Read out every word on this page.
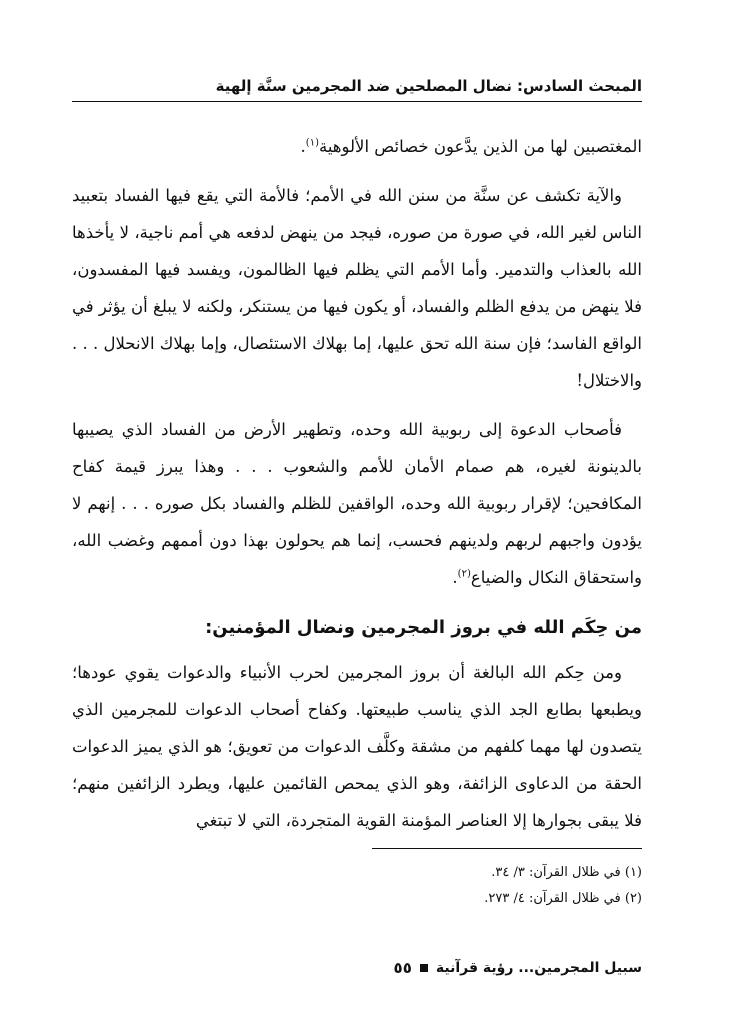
المبحث السادس: نضال المصلحين ضد المجرمين سنَّة إلهية

المغتصبين لها من الذين يدَّعون خصائص الألوهية$^{(١)}$.

والآية تكشف عن سنَّة من سنن الله في الأمم؛ فالأمة التي يقع فيها الفساد بتعبيد الناس لغير الله، في صورة من صوره، فيجد من ينهض لدفعه هي أمم ناجية، لا يأخذها الله بالعذاب والتدمير. وأما الأمم التي يظلم فيها الظالمون، ويفسد فيها المفسدون، فلا ينهض من يدفع الظلم والفساد، أو يكون فيها من يستنكر، ولكنه لا يبلغ أن يؤثر في الواقع الفاسد؛ فإن سنة الله تحق عليها، إما بهلاك الاستئصال، وإما بهلاك الانحلال . . . والاختلال!

فأصحاب الدعوة إلى ربوبية الله وحده، وتطهير الأرض من الفساد الذي يصيبها بالدينونة لغيره، هم صمام الأمان للأمم والشعوب . . . وهذا يبرز قيمة كفاح المكافحين؛ لإقرار ربوبية الله وحده، الواقفين للظلم والفساد بكل صوره . . . إنهم لا يؤدون واجبهم لربهم ولدينهم فحسب، إنما هم يحولون بهذا دون أممهم وغضب الله، واستحقاق النكال والضياع$^{(٢)}$.

من حِكَم الله في بروز المجرمين ونضال المؤمنين:

ومن حِكم الله البالغة أن بروز المجرمين لحرب الأنبياء والدعوات يقوي عودها؛ ويطبعها بطابع الجد الذي يناسب طبيعتها. وكفاح أصحاب الدعوات للمجرمين الذي يتصدون لها مهما كلفهم من مشقة وكلَّف الدعوات من تعويق؛ هو الذي يميز الدعوات الحقة من الدعاوى الزائفة، وهو الذي يمحص القائمين عليها، ويطرد الزائفين منهم؛ فلا يبقى بجوارها إلا العناصر المؤمنة القوية المتجردة، التي لا تبتغي

(١) في ظلال القرآن: ٣/ ٣٤.

(٢) في ظلال القرآن: ٤/ ٢٧٣.

سبيل المجرمين... رؤية قرآنية
٥٥
